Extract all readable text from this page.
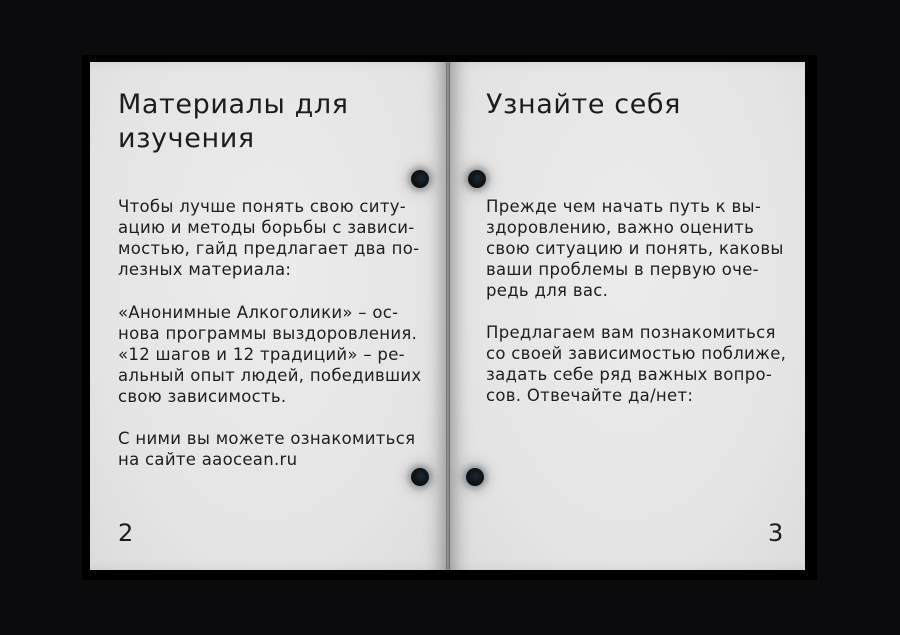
Материалы для
изучения

Чтобы лучше понять свою ситу-
ацию и методы борьбы с зависи-
мостью, гайд предлагает два по-
лезных материала:

«Анонимные Алкоголики» – ос-
нова программы выздоровления.
«12 шагов и 12 традиций» – ре-
альный опыт людей, победивших
свою зависимость.

С ними вы можете ознакомиться
на сайте aaocean.ru

2

Узнайте себя

Прежде чем начать путь к вы-
здоровлению, важно оценить
свою ситуацию и понять, каковы
ваши проблемы в первую оче-
редь для вас.

Предлагаем вам познакомиться
со своей зависимостью поближе,
задать себе ряд важных вопро-
сов. Отвечайте да/нет:

3
